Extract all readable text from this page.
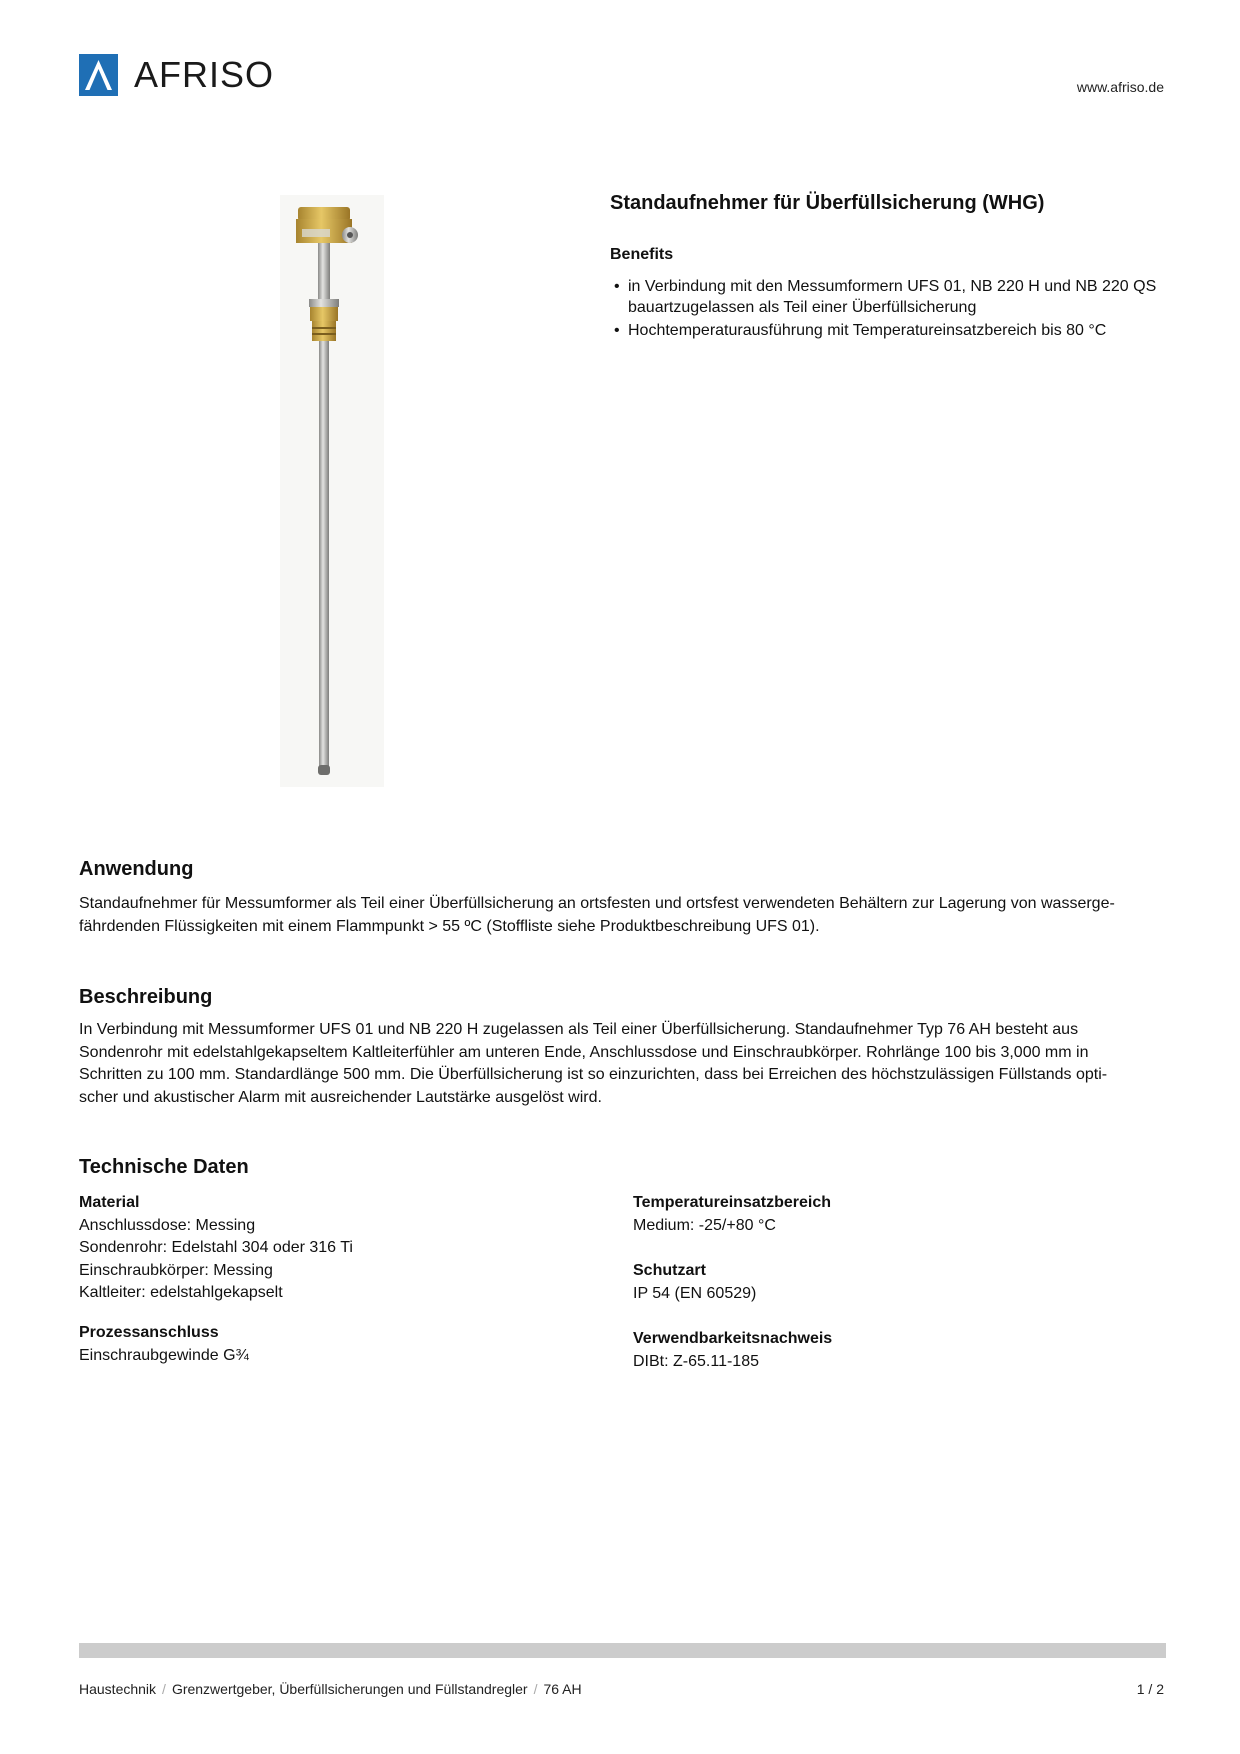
AFRISO	www.afriso.de
Standaufnehmer für Überfüllsicherung (WHG)
Benefits
• in Verbindung mit den Messumformern UFS 01, NB 220 H und NB 220 QS bauartzugelassen als Teil einer Überfüllsicherung
• Hochtemperaturausführung mit Temperatureinsatzbereich bis 80 °C
Anwendung

Standaufnehmer für Messumformer als Teil einer Überfüllsicherung an ortsfesten und ortsfest verwendeten Behältern zur Lagerung von wasserge-

fährdenden Flüssigkeiten mit einem Flammpunkt > 55 ºC (Stoffliste siehe Produktbeschreibung UFS 01).

Beschreibung

In Verbindung mit Messumformer UFS 01 und NB 220 H zugelassen als Teil einer Überfüllsicherung. Standaufnehmer Typ 76 AH besteht aus

Sondenrohr mit edelstahlgekapseltem Kaltleiterfühler am unteren Ende, Anschlussdose und Einschraubkörper. Rohrlänge 100 bis 3,000 mm in

Schritten zu 100 mm. Standardlänge 500 mm. Die Überfüllsicherung ist so einzurichten, dass bei Erreichen des höchstzulässigen Füllstands opti-

scher und akustischer Alarm mit ausreichender Lautstärke ausgelöst wird.

Technische Daten
Material
Anschlussdose: Messing
Sondenrohr: Edelstahl 304 oder 316 Ti
Einschraubkörper: Messing
Kaltleiter: edelstahlgekapselt
Prozessanschluss
Einschraubgewinde G¾
Temperatureinsatzbereich
Medium: -25/+80 °C
Schutzart
IP 54 (EN 60529)
Verwendbarkeitsnachweis
DIBt: Z-65.11-185
Haustechnik / Grenzwertgeber, Überfüllsicherungen und Füllstandregler / 76 AH	1 / 2
